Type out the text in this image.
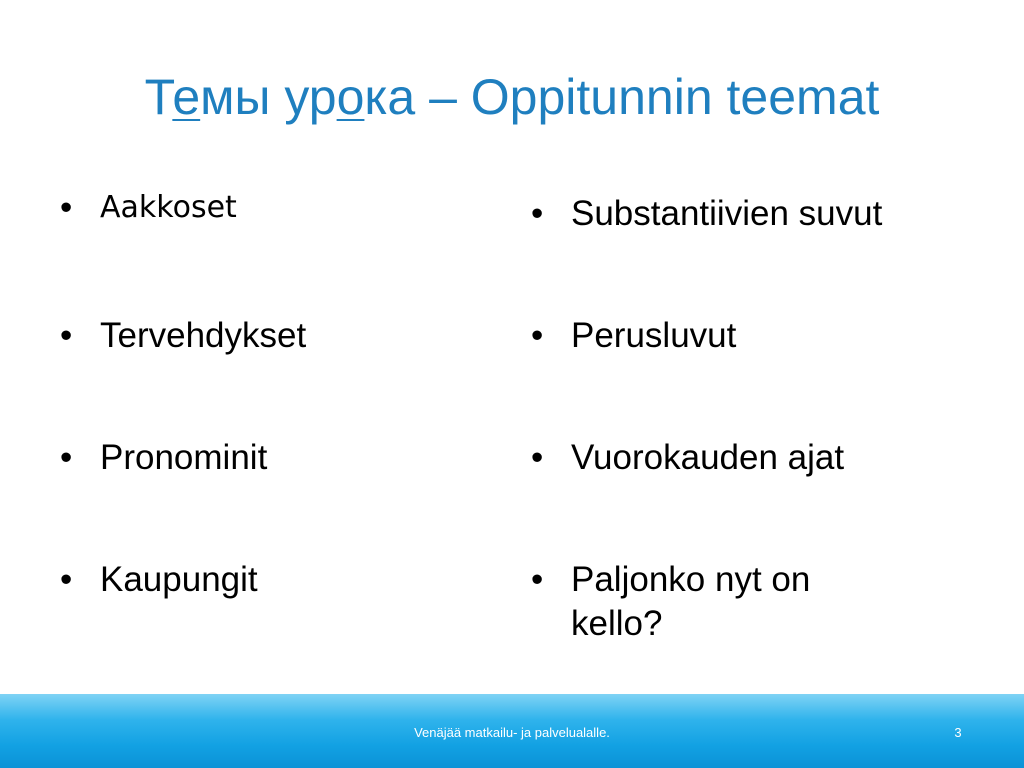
Темы урока – Oppitunnin teemat
• Aakkoset
• Tervehdykset
• Pronominit
• Kaupungit
• Substantiivien suvut
• Perusluvut
• Vuorokauden ajat
• Paljonko nyt on kello?
Venäjää matkailu- ja palvelualalle.	3
